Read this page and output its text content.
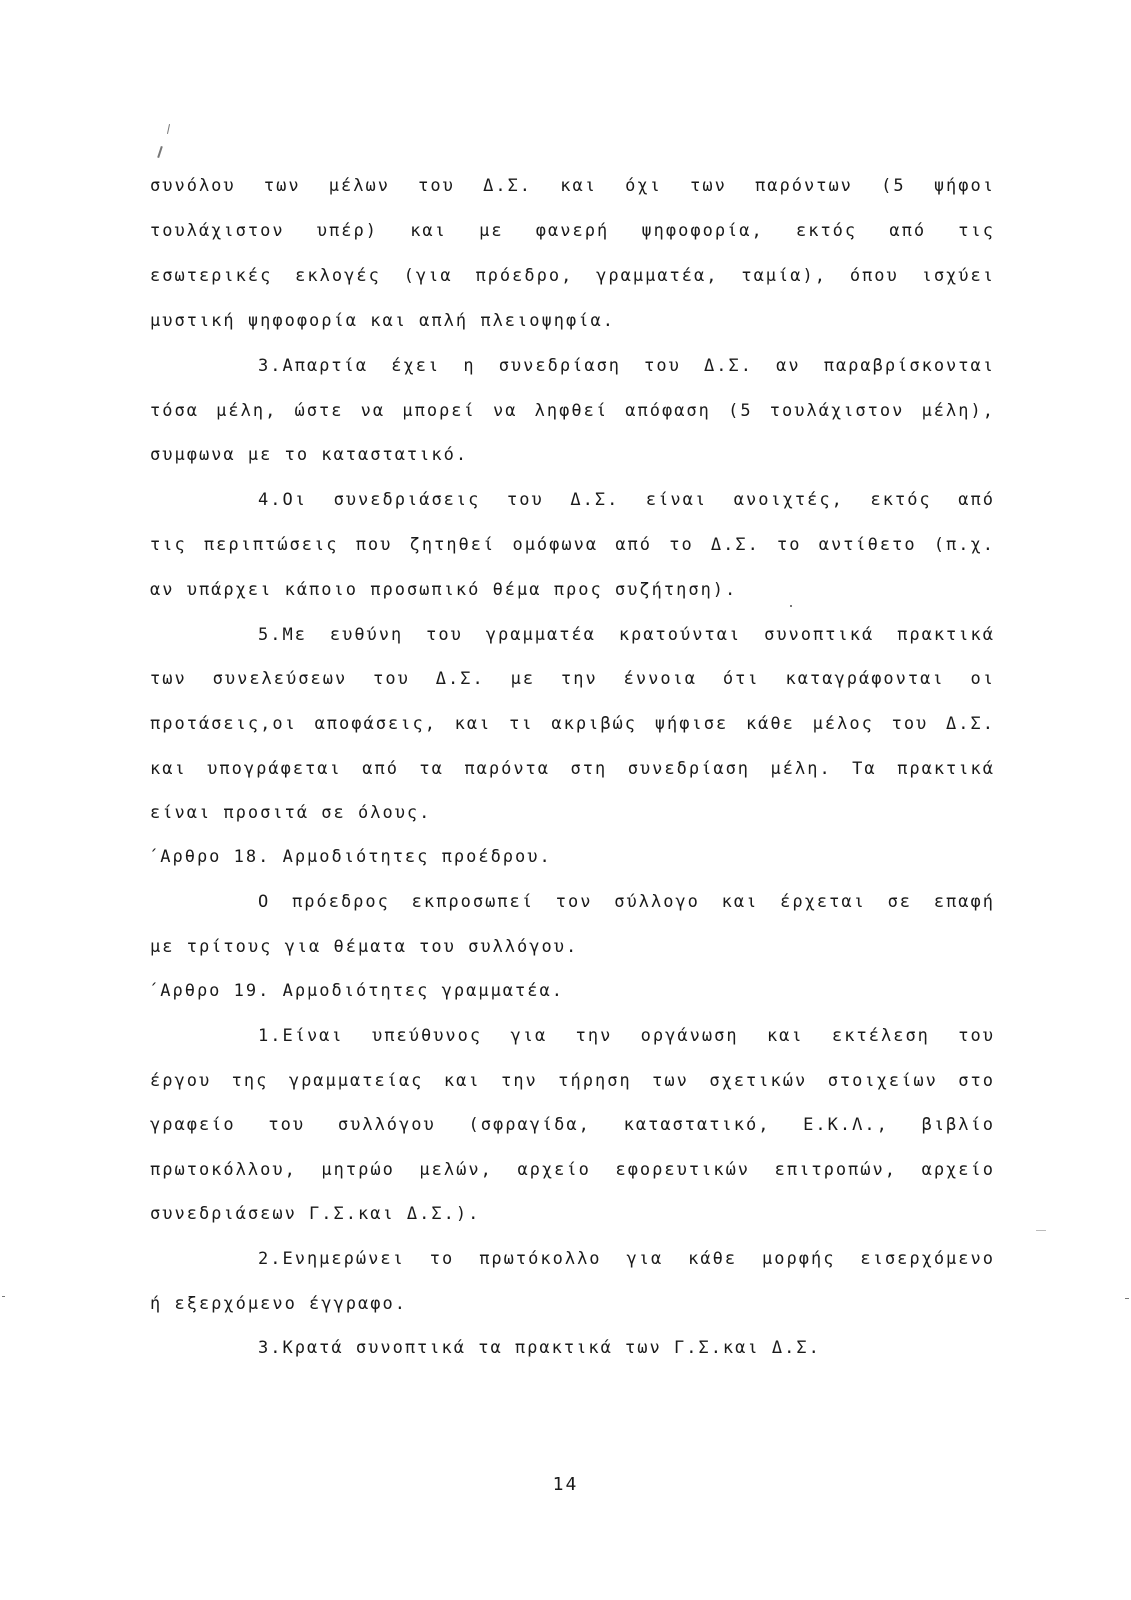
συνόλου των μέλων του Δ.Σ. και όχι των παρόντων (5 ψήφοι
τουλάχιστον υπέρ) και με φανερή ψηφοφορία, εκτός από τις
εσωτερικές εκλογές (για πρόεδρο, γραμματέα, ταμία), όπου ισχύει
μυστική ψηφοφορία και απλή πλειοψηφία.
3.Απαρτία έχει η συνεδρίαση του Δ.Σ. αν παραβρίσκονται
τόσα μέλη, ώστε να μπορεί να ληφθεί απόφαση (5 τουλάχιστον μέλη),
συμφωνα με το καταστατικό.
4.Οι συνεδριάσεις του Δ.Σ. είναι ανοιχτές, εκτός από
τις περιπτώσεις που ζητηθεί ομόφωνα από το Δ.Σ. το αντίθετο (π.χ.
αν υπάρχει κάποιο προσωπικό θέμα προς συζήτηση).
5.Με ευθύνη του γραμματέα κρατούνται συνοπτικά πρακτικά
των συνελεύσεων του Δ.Σ. με την έννοια ότι καταγράφονται οι
προτάσεις,οι αποφάσεις, και τι ακριβώς ψήφισε κάθε μέλος του Δ.Σ.
και υπογράφεται από τα παρόντα στη συνεδρίαση μέλη. Τα πρακτικά
είναι προσιτά σε όλους.
΄Αρθρο 18. Αρμοδιότητες προέδρου.
Ο πρόεδρος εκπροσωπεί τον σύλλογο και έρχεται σε επαφή
με τρίτους για θέματα του συλλόγου.
΄Αρθρο 19. Αρμοδιότητες γραμματέα.
1.Είναι υπεύθυνος για την οργάνωση και εκτέλεση του
έργου της γραμματείας και την τήρηση των σχετικών στοιχείων στο
γραφείο του συλλόγου (σφραγίδα, καταστατικό, Ε.Κ.Λ., βιβλίο
πρωτοκόλλου, μητρώο μελών, αρχείο εφορευτικών επιτροπών, αρχείο
συνεδριάσεων Γ.Σ.και Δ.Σ.).
2.Ενημερώνει το πρωτόκολλο για κάθε μορφής εισερχόμενο
ή εξερχόμενο έγγραφο.
3.Κρατά συνοπτικά τα πρακτικά των Γ.Σ.και Δ.Σ.
14
